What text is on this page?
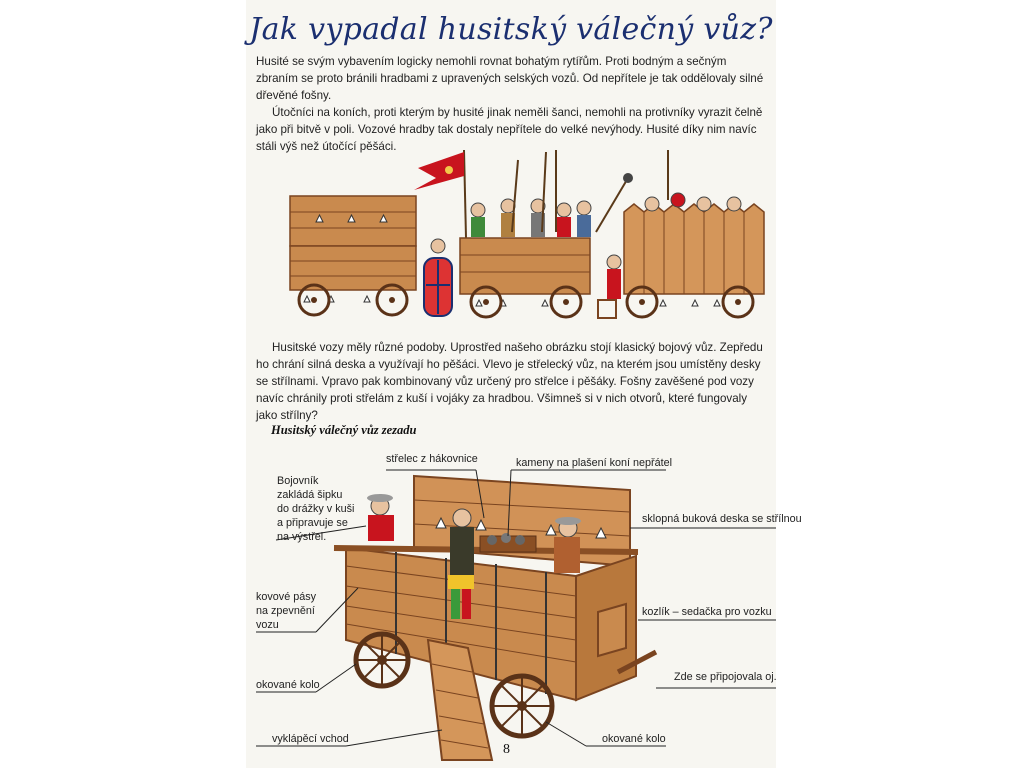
Jak vypadal husitský válečný vůz?

Husité se svým vybavením logicky nemohli rovnat bohatým rytířům. Proti bodným a sečným zbraním se proto bránili hradbami z upravených selských vozů. Od nepřítele je tak oddělovaly silné dřevěné fošny.

Útočníci na koních, proti kterým by husité jinak neměli šanci, nemohli na protivníky vyrazit čelně jako při bitvě v poli. Vozové hradby tak dostaly nepřítele do velké nevýhody. Husité díky nim navíc stáli výš než útočící pěšáci.

Husitské vozy měly různé podoby. Uprostřed našeho obrázku stojí klasický bojový vůz. Zepředu ho chrání silná deska a využívají ho pěšáci. Vlevo je střelecký vůz, na kterém jsou umístěny desky se střílnami. Vpravo pak kombinovaný vůz určený pro střelce i pěšáky. Fošny zavěšené pod vozy navíc chránily proti střelám z kuší i vojáky za hradbou. Všimneš si v nich otvorů, které fungovaly jako střílny?

Husitský válečný vůz zezadu
Bojovník zakládá šipku do drážky v kuši a připravuje se na výstřel.
střelec z hákovnice	kameny na plašení koní nepřátel
sklopná buková deska se střílnou
kovové pásy na zpevnění vozu
kozlík – sedačka pro vozku
Zde se připojovala oj.
okované kolo
vyklápěcí vchod	okované kolo
8
